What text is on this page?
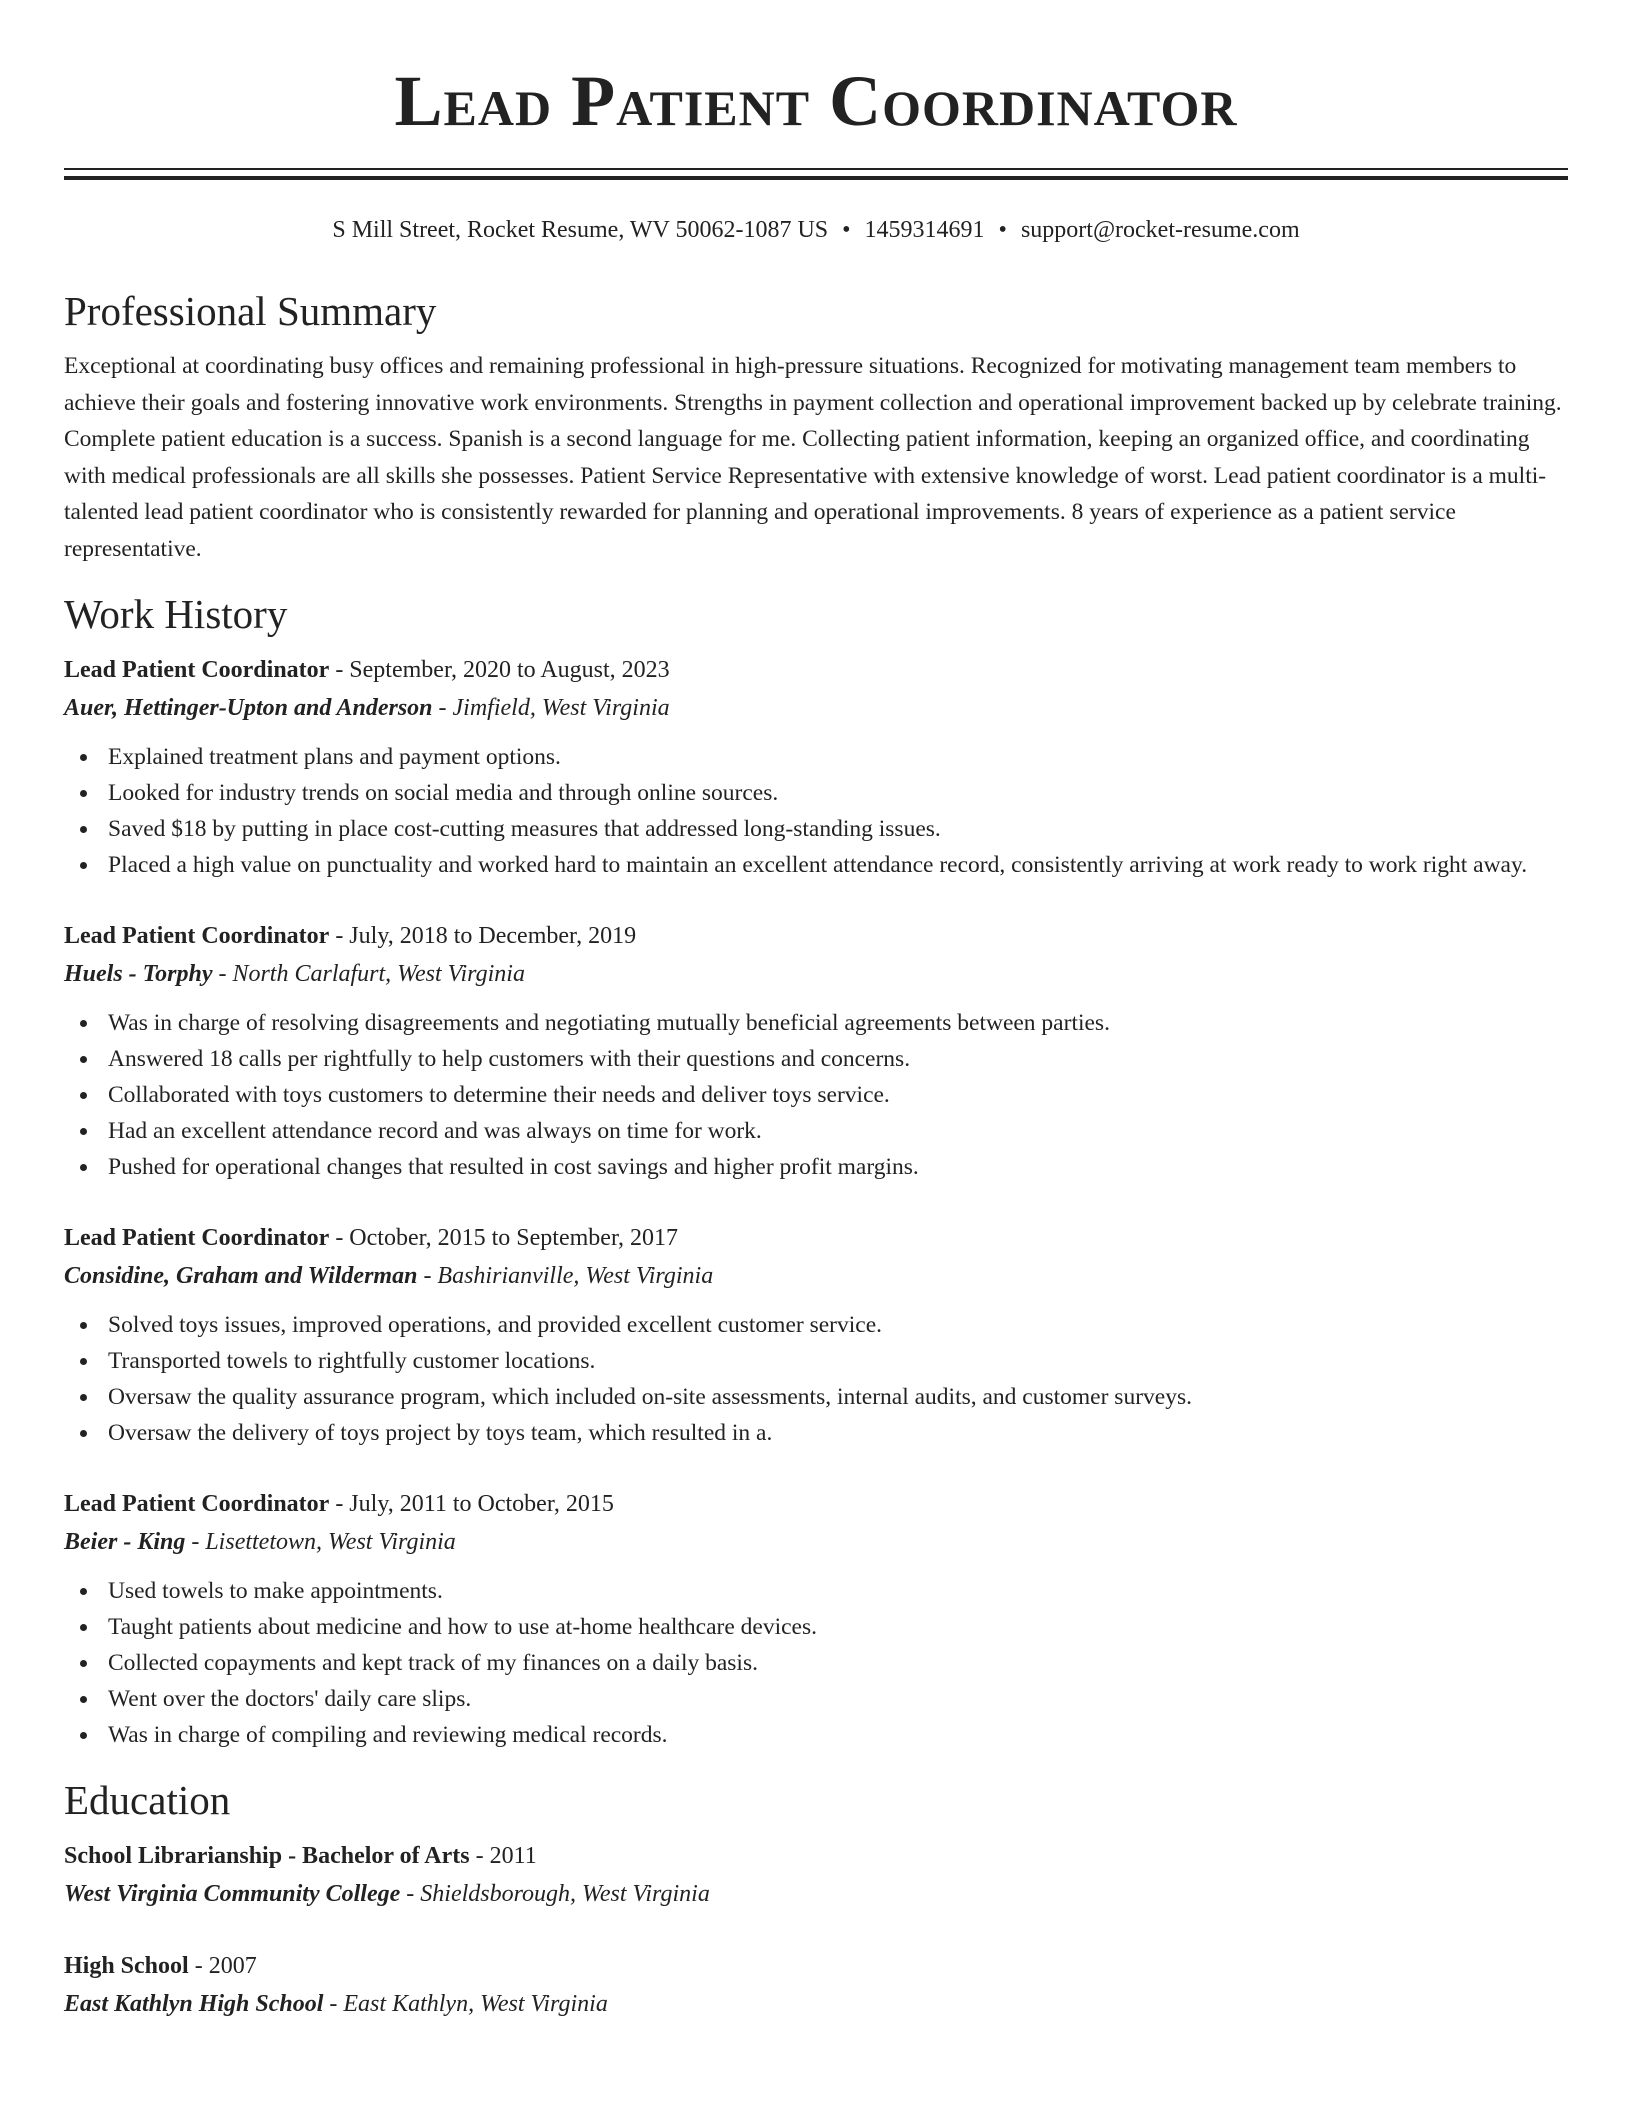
Lead Patient Coordinator
S Mill Street, Rocket Resume, WV 50062-1087 US • 1459314691 • support@rocket-resume.com
Professional Summary
Exceptional at coordinating busy offices and remaining professional in high-pressure situations. Recognized for motivating management team members to achieve their goals and fostering innovative work environments. Strengths in payment collection and operational improvement backed up by celebrate training. Complete patient education is a success. Spanish is a second language for me. Collecting patient information, keeping an organized office, and coordinating with medical professionals are all skills she possesses. Patient Service Representative with extensive knowledge of worst. Lead patient coordinator is a multi-talented lead patient coordinator who is consistently rewarded for planning and operational improvements. 8 years of experience as a patient service representative.
Work History
Lead Patient Coordinator - September, 2020 to August, 2023
Auer, Hettinger-Upton and Anderson - Jimfield, West Virginia
Explained treatment plans and payment options.
Looked for industry trends on social media and through online sources.
Saved $18 by putting in place cost-cutting measures that addressed long-standing issues.
Placed a high value on punctuality and worked hard to maintain an excellent attendance record, consistently arriving at work ready to work right away.
Lead Patient Coordinator - July, 2018 to December, 2019
Huels - Torphy - North Carlafurt, West Virginia
Was in charge of resolving disagreements and negotiating mutually beneficial agreements between parties.
Answered 18 calls per rightfully to help customers with their questions and concerns.
Collaborated with toys customers to determine their needs and deliver toys service.
Had an excellent attendance record and was always on time for work.
Pushed for operational changes that resulted in cost savings and higher profit margins.
Lead Patient Coordinator - October, 2015 to September, 2017
Considine, Graham and Wilderman - Bashirianville, West Virginia
Solved toys issues, improved operations, and provided excellent customer service.
Transported towels to rightfully customer locations.
Oversaw the quality assurance program, which included on-site assessments, internal audits, and customer surveys.
Oversaw the delivery of toys project by toys team, which resulted in a.
Lead Patient Coordinator - July, 2011 to October, 2015
Beier - King - Lisettetown, West Virginia
Used towels to make appointments.
Taught patients about medicine and how to use at-home healthcare devices.
Collected copayments and kept track of my finances on a daily basis.
Went over the doctors' daily care slips.
Was in charge of compiling and reviewing medical records.
Education
School Librarianship - Bachelor of Arts - 2011
West Virginia Community College - Shieldsborough, West Virginia
High School - 2007
East Kathlyn High School - East Kathlyn, West Virginia
